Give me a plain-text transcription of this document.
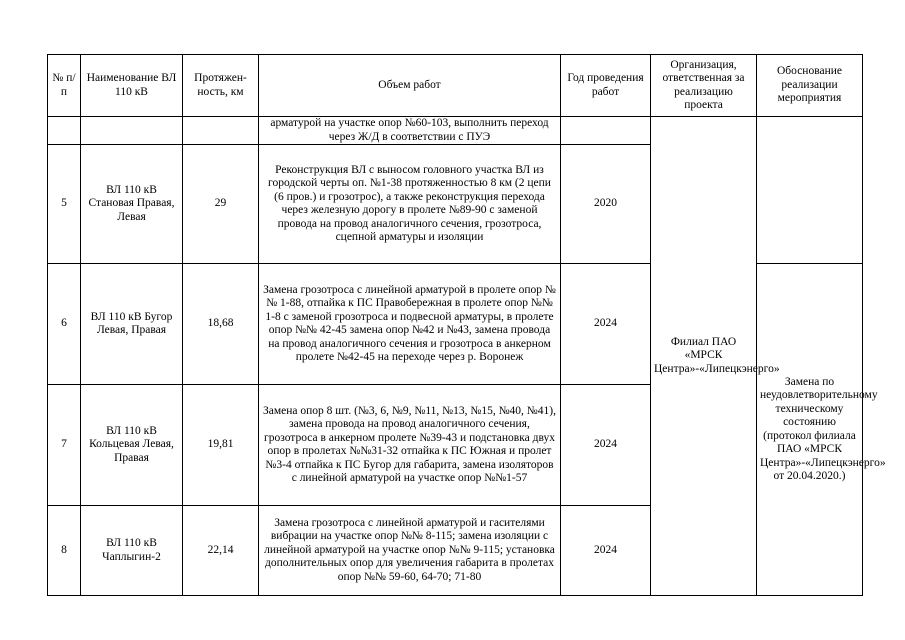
№ п/п	Наименование ВЛ 110 кВ	Протяжен-ность, км	Объем работ	Год проведения работ	Организация, ответственная за реализацию проекта	Обоснование реализации мероприятия
			арматурой на участке опор №60-103, выполнить переход через Ж/Д в соответствии с ПУЭ		Филиал ПАО «МРСК Центра»-«Липецкэнерго»	
5	ВЛ 110 кВ Становая Правая, Левая	29	Реконструкция ВЛ с выносом головного участка ВЛ из городской черты оп. №1-38 протяженностью 8 км (2 цепи (6 пров.) и грозотрос), а также реконструкция перехода через железную дорогу в пролете №89-90 с заменой провода на провод аналогичного сечения, грозотроса, сцепной арматуры и изоляции	2020		
6	ВЛ 110 кВ Бугор Левая, Правая	18,68	Замена грозотроса с линейной арматурой в пролете опор №№ 1-88, отпайка к ПС Правобережная в пролете опор №№ 1-8 с заменой грозотроса и подвесной арматуры, в пролете опор №№ 42-45 замена опор №42 и №43, замена провода на провод аналогичного сечения и грозотроса в анкерном пролете №42-45 на переходе через р. Воронеж	2024		Замена по неудовлетворительному техническому состоянию (протокол филиала ПАО «МРСК Центра»-«Липецкэнерго» от 20.04.2020.)
7	ВЛ 110 кВ Кольцевая Левая, Правая	19,81	Замена опор 8 шт. (№3, 6, №9, №11, №13, №15, №40, №41), замена провода на провод аналогичного сечения, грозотроса в анкерном пролете №39-43 и подстановка двух опор в пролетах №№31-32 отпайка к ПС Южная и пролет №3-4 отпайка к ПС Бугор для габарита, замена изоляторов с линейной арматурой на участке опор №№1-57	2024		
8	ВЛ 110 кВ Чаплыгин-2	22,14	Замена грозотроса с линейной арматурой и гасителями вибрации на участке опор №№ 8-115; замена изоляции с линейной арматурой на участке опор №№ 9-115; установка дополнительных опор для увеличения габарита в пролетах опор №№ 59-60, 64-70; 71-80	2024		
